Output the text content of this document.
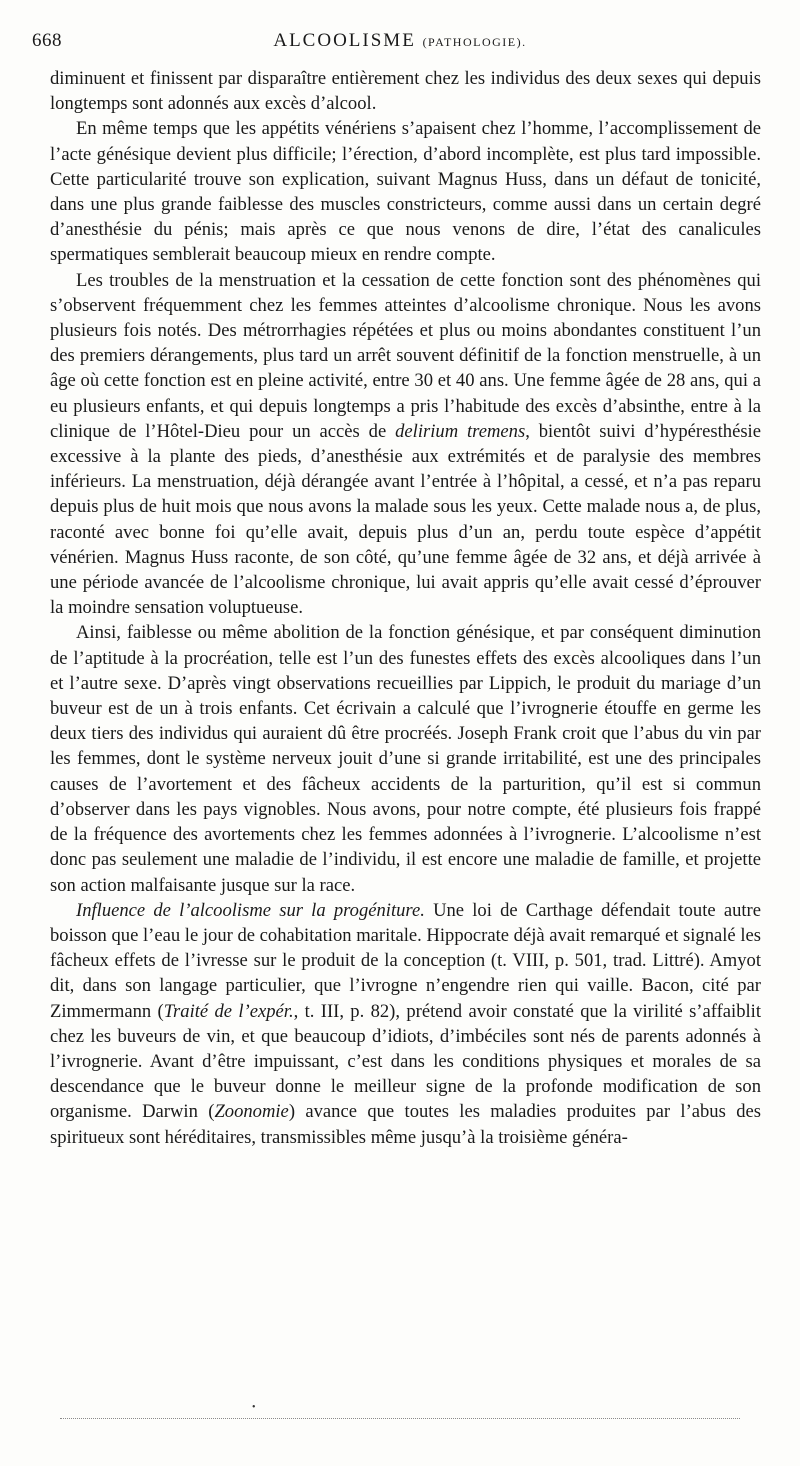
668	ALCOOLISME (PATHOLOGIE).

diminuent et finissent par disparaître entièrement chez les individus des deux sexes qui depuis longtemps sont adonnés aux excès d’alcool.

En même temps que les appétits vénériens s’apaisent chez l’homme, l’accomplissement de l’acte génésique devient plus difficile; l’érection, d’abord incomplète, est plus tard impossible. Cette particularité trouve son explication, suivant Magnus Huss, dans un défaut de tonicité, dans une plus grande faiblesse des muscles constricteurs, comme aussi dans un certain degré d’anesthésie du pénis; mais après ce que nous venons de dire, l’état des canalicules spermatiques semblerait beaucoup mieux en rendre compte.

Les troubles de la menstruation et la cessation de cette fonction sont des phénomènes qui s’observent fréquemment chez les femmes atteintes d’alcoolisme chronique. Nous les avons plusieurs fois notés. Des métrorrhagies répétées et plus ou moins abondantes constituent l’un des premiers dérangements, plus tard un arrêt souvent définitif de la fonction menstruelle, à un âge où cette fonction est en pleine activité, entre 30 et 40 ans. Une femme âgée de 28 ans, qui a eu plusieurs enfants, et qui depuis longtemps a pris l’habitude des excès d’absinthe, entre à la clinique de l’Hôtel-Dieu pour un accès de delirium tremens, bientôt suivi d’hypéresthésie excessive à la plante des pieds, d’anesthésie aux extrémités et de paralysie des membres inférieurs. La menstruation, déjà dérangée avant l’entrée à l’hôpital, a cessé, et n’a pas reparu depuis plus de huit mois que nous avons la malade sous les yeux. Cette malade nous a, de plus, raconté avec bonne foi qu’elle avait, depuis plus d’un an, perdu toute espèce d’appétit vénérien. Magnus Huss raconte, de son côté, qu’une femme âgée de 32 ans, et déjà arrivée à une période avancée de l’alcoolisme chronique, lui avait appris qu’elle avait cessé d’éprouver la moindre sensation voluptueuse.

Ainsi, faiblesse ou même abolition de la fonction génésique, et par conséquent diminution de l’aptitude à la procréation, telle est l’un des funestes effets des excès alcooliques dans l’un et l’autre sexe. D’après vingt observations recueillies par Lippich, le produit du mariage d’un buveur est de un à trois enfants. Cet écrivain a calculé que l’ivrognerie étouffe en germe les deux tiers des individus qui auraient dû être procréés. Joseph Frank croit que l’abus du vin par les femmes, dont le système nerveux jouit d’une si grande irritabilité, est une des principales causes de l’avortement et des fâcheux accidents de la parturition, qu’il est si commun d’observer dans les pays vignobles. Nous avons, pour notre compte, été plusieurs fois frappé de la fréquence des avortements chez les femmes adonnées à l’ivrognerie. L’alcoolisme n’est donc pas seulement une maladie de l’individu, il est encore une maladie de famille, et projette son action malfaisante jusque sur la race.

Influence de l’alcoolisme sur la progéniture. Une loi de Carthage défendait toute autre boisson que l’eau le jour de cohabitation maritale. Hippocrate déjà avait remarqué et signalé les fâcheux effets de l’ivresse sur le produit de la conception (t. VIII, p. 501, trad. Littré). Amyot dit, dans son langage particulier, que l’ivrogne n’engendre rien qui vaille. Bacon, cité par Zimmermann (Traité de l’expér., t. III, p. 82), prétend avoir constaté que la virilité s’affaiblit chez les buveurs de vin, et que beaucoup d’idiots, d’imbéciles sont nés de parents adonnés à l’ivrognerie. Avant d’être impuissant, c’est dans les conditions physiques et morales de sa descendance que le buveur donne le meilleur signe de la profonde modification de son organisme. Darwin (Zoonomie) avance que toutes les maladies produites par l’abus des spiritueux sont héréditaires, transmissibles même jusqu’à la troisième généra-

•
